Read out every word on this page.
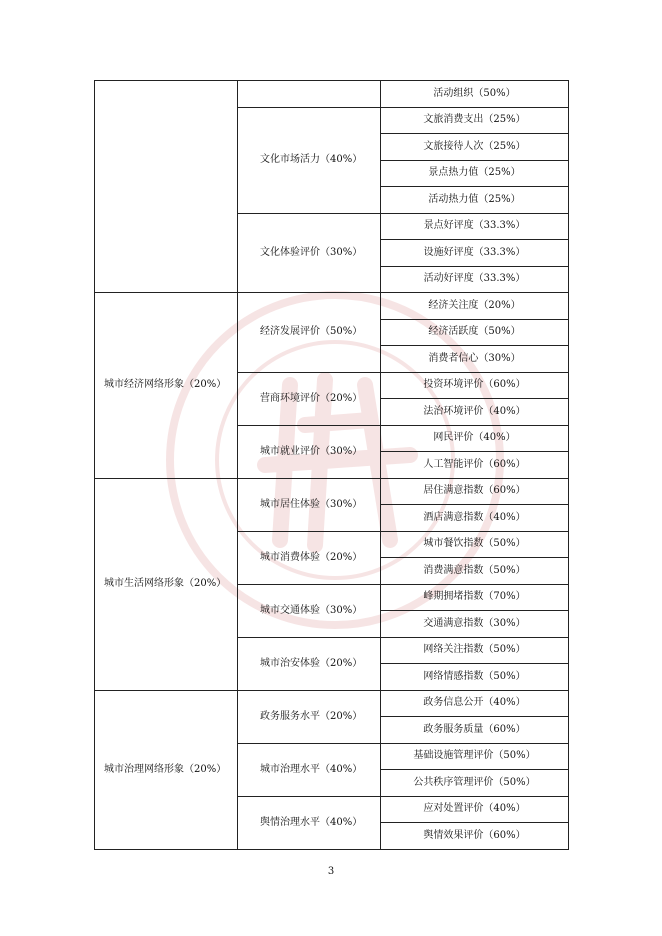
		活动组织（50%）
	文化市场活力（40%）	文旅消费支出（25%）
		文旅接待人次（25%）
		景点热力值（25%）
		活动热力值（25%）
	文化体验评价（30%）	景点好评度（33.3%）
		设施好评度（33.3%）
		活动好评度（33.3%）
城市经济网络形象（20%）	经济发展评价（50%）	经济关注度（20%）
		经济活跃度（50%）
		消费者信心（30%）
	营商环境评价（20%）	投资环境评价（60%）
		法治环境评价（40%）
	城市就业评价（30%）	网民评价（40%）
		人工智能评价（60%）
城市生活网络形象（20%）	城市居住体验（30%）	居住满意指数（60%）
		酒店满意指数（40%）
	城市消费体验（20%）	城市餐饮指数（50%）
		消费满意指数（50%）
	城市交通体验（30%）	峰期拥堵指数（70%）
		交通满意指数（30%）
	城市治安体验（20%）	网络关注指数（50%）
		网络情感指数（50%）
城市治理网络形象（20%）	政务服务水平（20%）	政务信息公开（40%）
		政务服务质量（60%）
	城市治理水平（40%）	基础设施管理评价（50%）
		公共秩序管理评价（50%）
	舆情治理水平（40%）	应对处置评价（40%）
		舆情效果评价（60%）
3
